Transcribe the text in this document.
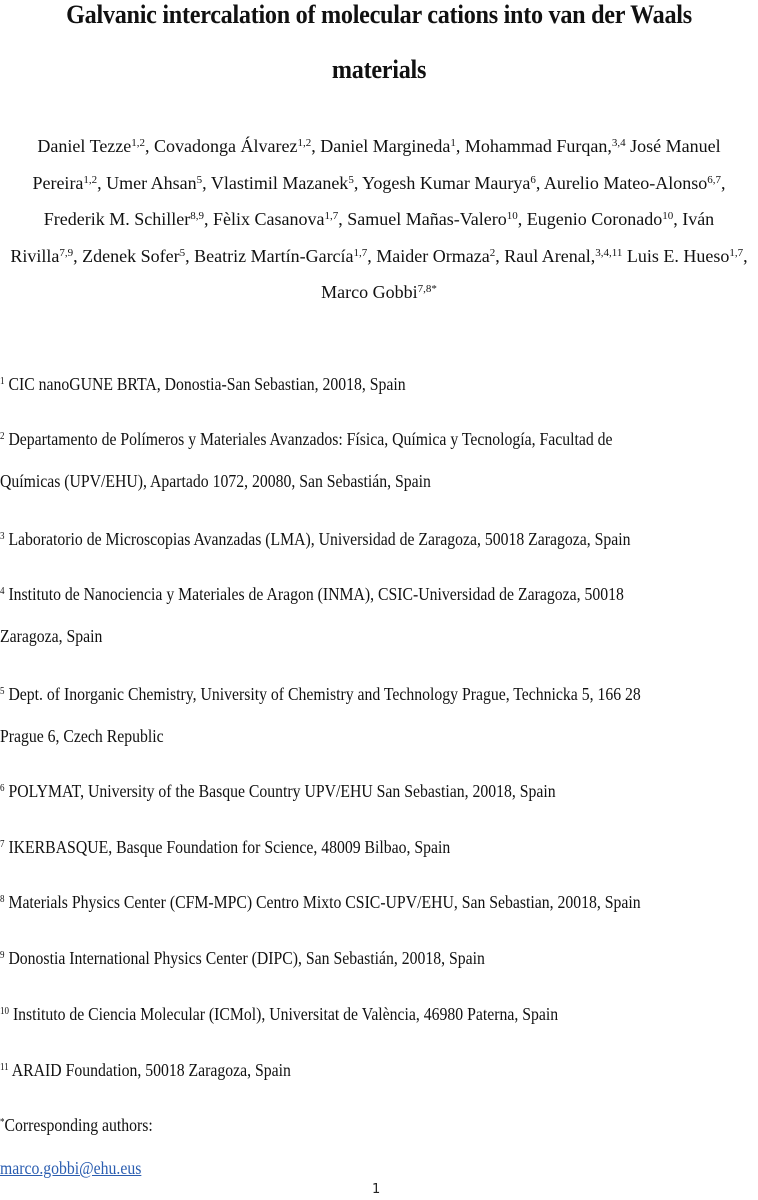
Galvanic intercalation of molecular cations into van der Waals
materials
Daniel Tezze$^{1,2}$, Covadonga Álvarez$^{1,2}$, Daniel Margineda$^1$, Mohammad Furqan,$^{3,4}$ José Manuel Pereira$^{1,2}$, Umer Ahsan$^5$, Vlastimil Mazanek$^5$, Yogesh Kumar Maurya$^6$, Aurelio Mateo-Alonso$^{6,7}$, Frederik M. Schiller$^{8,9}$, Fèlix Casanova$^{1,7}$, Samuel Mañas-Valero$^{10}$, Eugenio Coronado$^{10}$, Iván Rivilla$^{7,9}$, Zdenek Sofer$^5$, Beatriz Martín-García$^{1,7}$, Maider Ormaza$^2$, Raul Arenal,$^{3,4,11}$ Luis E. Hueso$^{1,7}$, Marco Gobbi$^{7,8*}$
$^1$ CIC nanoGUNE BRTA, Donostia-San Sebastian, 20018, Spain
$^2$ Departamento de Polímeros y Materiales Avanzados: Física, Química y Tecnología, Facultad de
Químicas (UPV/EHU), Apartado 1072, 20080, San Sebastián, Spain
$^3$ Laboratorio de Microscopias Avanzadas (LMA), Universidad de Zaragoza, 50018 Zaragoza, Spain
$^4$ Instituto de Nanociencia y Materiales de Aragon (INMA), CSIC-Universidad de Zaragoza, 50018
Zaragoza, Spain
$^5$ Dept. of Inorganic Chemistry, University of Chemistry and Technology Prague, Technicka 5, 166 28
Prague 6, Czech Republic
$^6$ POLYMAT, University of the Basque Country UPV/EHU San Sebastian, 20018, Spain
$^7$ IKERBASQUE, Basque Foundation for Science, 48009 Bilbao, Spain
$^8$ Materials Physics Center (CFM-MPC) Centro Mixto CSIC-UPV/EHU, San Sebastian, 20018, Spain
$^9$ Donostia International Physics Center (DIPC), San Sebastián, 20018, Spain
$^{10}$ Instituto de Ciencia Molecular (ICMol), Universitat de València, 46980 Paterna, Spain
$^{11}$ ARAID Foundation, 50018 Zaragoza, Spain
*Corresponding authors:
marco.gobbi@ehu.eus
1
